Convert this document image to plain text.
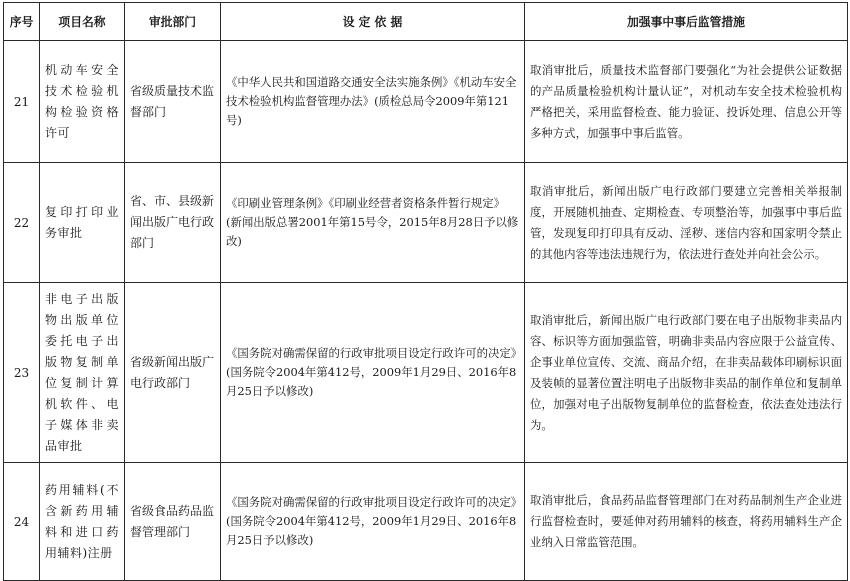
序号	项目名称	审批部门	设 定 依 据	加强事中事后监管措施
21	机动车安全技术检验机构检验资格许可	省级质量技术监督部门	《中华人民共和国道路交通安全法实施条例》《机动车安全技术检验机构监督管理办法》(质检总局令2009年第121号)	取消审批后，质量技术监督部门要强化“为社会提供公证数据的产品质量检验机构计量认证”，对机动车安全技术检验机构严格把关，采用监督检查、能力验证、投诉处理、信息公开等多种方式，加强事中事后监管。
22	复印打印业务审批	省、市、县级新闻出版广电行政部门	《印刷业管理条例》《印刷业经营者资格条件暂行规定》(新闻出版总署2001年第15号令，2015年8月28日予以修改)	取消审批后，新闻出版广电行政部门要建立完善相关举报制度，开展随机抽查、定期检查、专项整治等，加强事中事后监管，发现复印打印具有反动、淫秽、迷信内容和国家明令禁止的其他内容等违法违规行为，依法进行查处并向社会公示。
23	非电子出版物出版单位委托电子出版物复制单位复制计算机软件、电子媒体非卖品审批	省级新闻出版广电行政部门	《国务院对确需保留的行政审批项目设定行政许可的决定》(国务院令2004年第412号，2009年1月29日、2016年8月25日予以修改)	取消审批后，新闻出版广电行政部门要在电子出版物非卖品内容、标识等方面加强监管，明确非卖品内容应限于公益宣传、企事业单位宣传、交流、商品介绍，在非卖品载体印刷标识面及装帧的显著位置注明电子出版物非卖品的制作单位和复制单位，加强对电子出版物复制单位的监督检查，依法查处违法行为。
24	药用辅料(不含新药用辅料和进口药用辅料)注册	省级食品药品监督管理部门	《国务院对确需保留的行政审批项目设定行政许可的决定》(国务院令2004年第412号，2009年1月29日、2016年8月25日予以修改)	取消审批后，食品药品监督管理部门在对药品制剂生产企业进行监督检查时，要延伸对药用辅料的核查，将药用辅料生产企业纳入日常监管范围。
